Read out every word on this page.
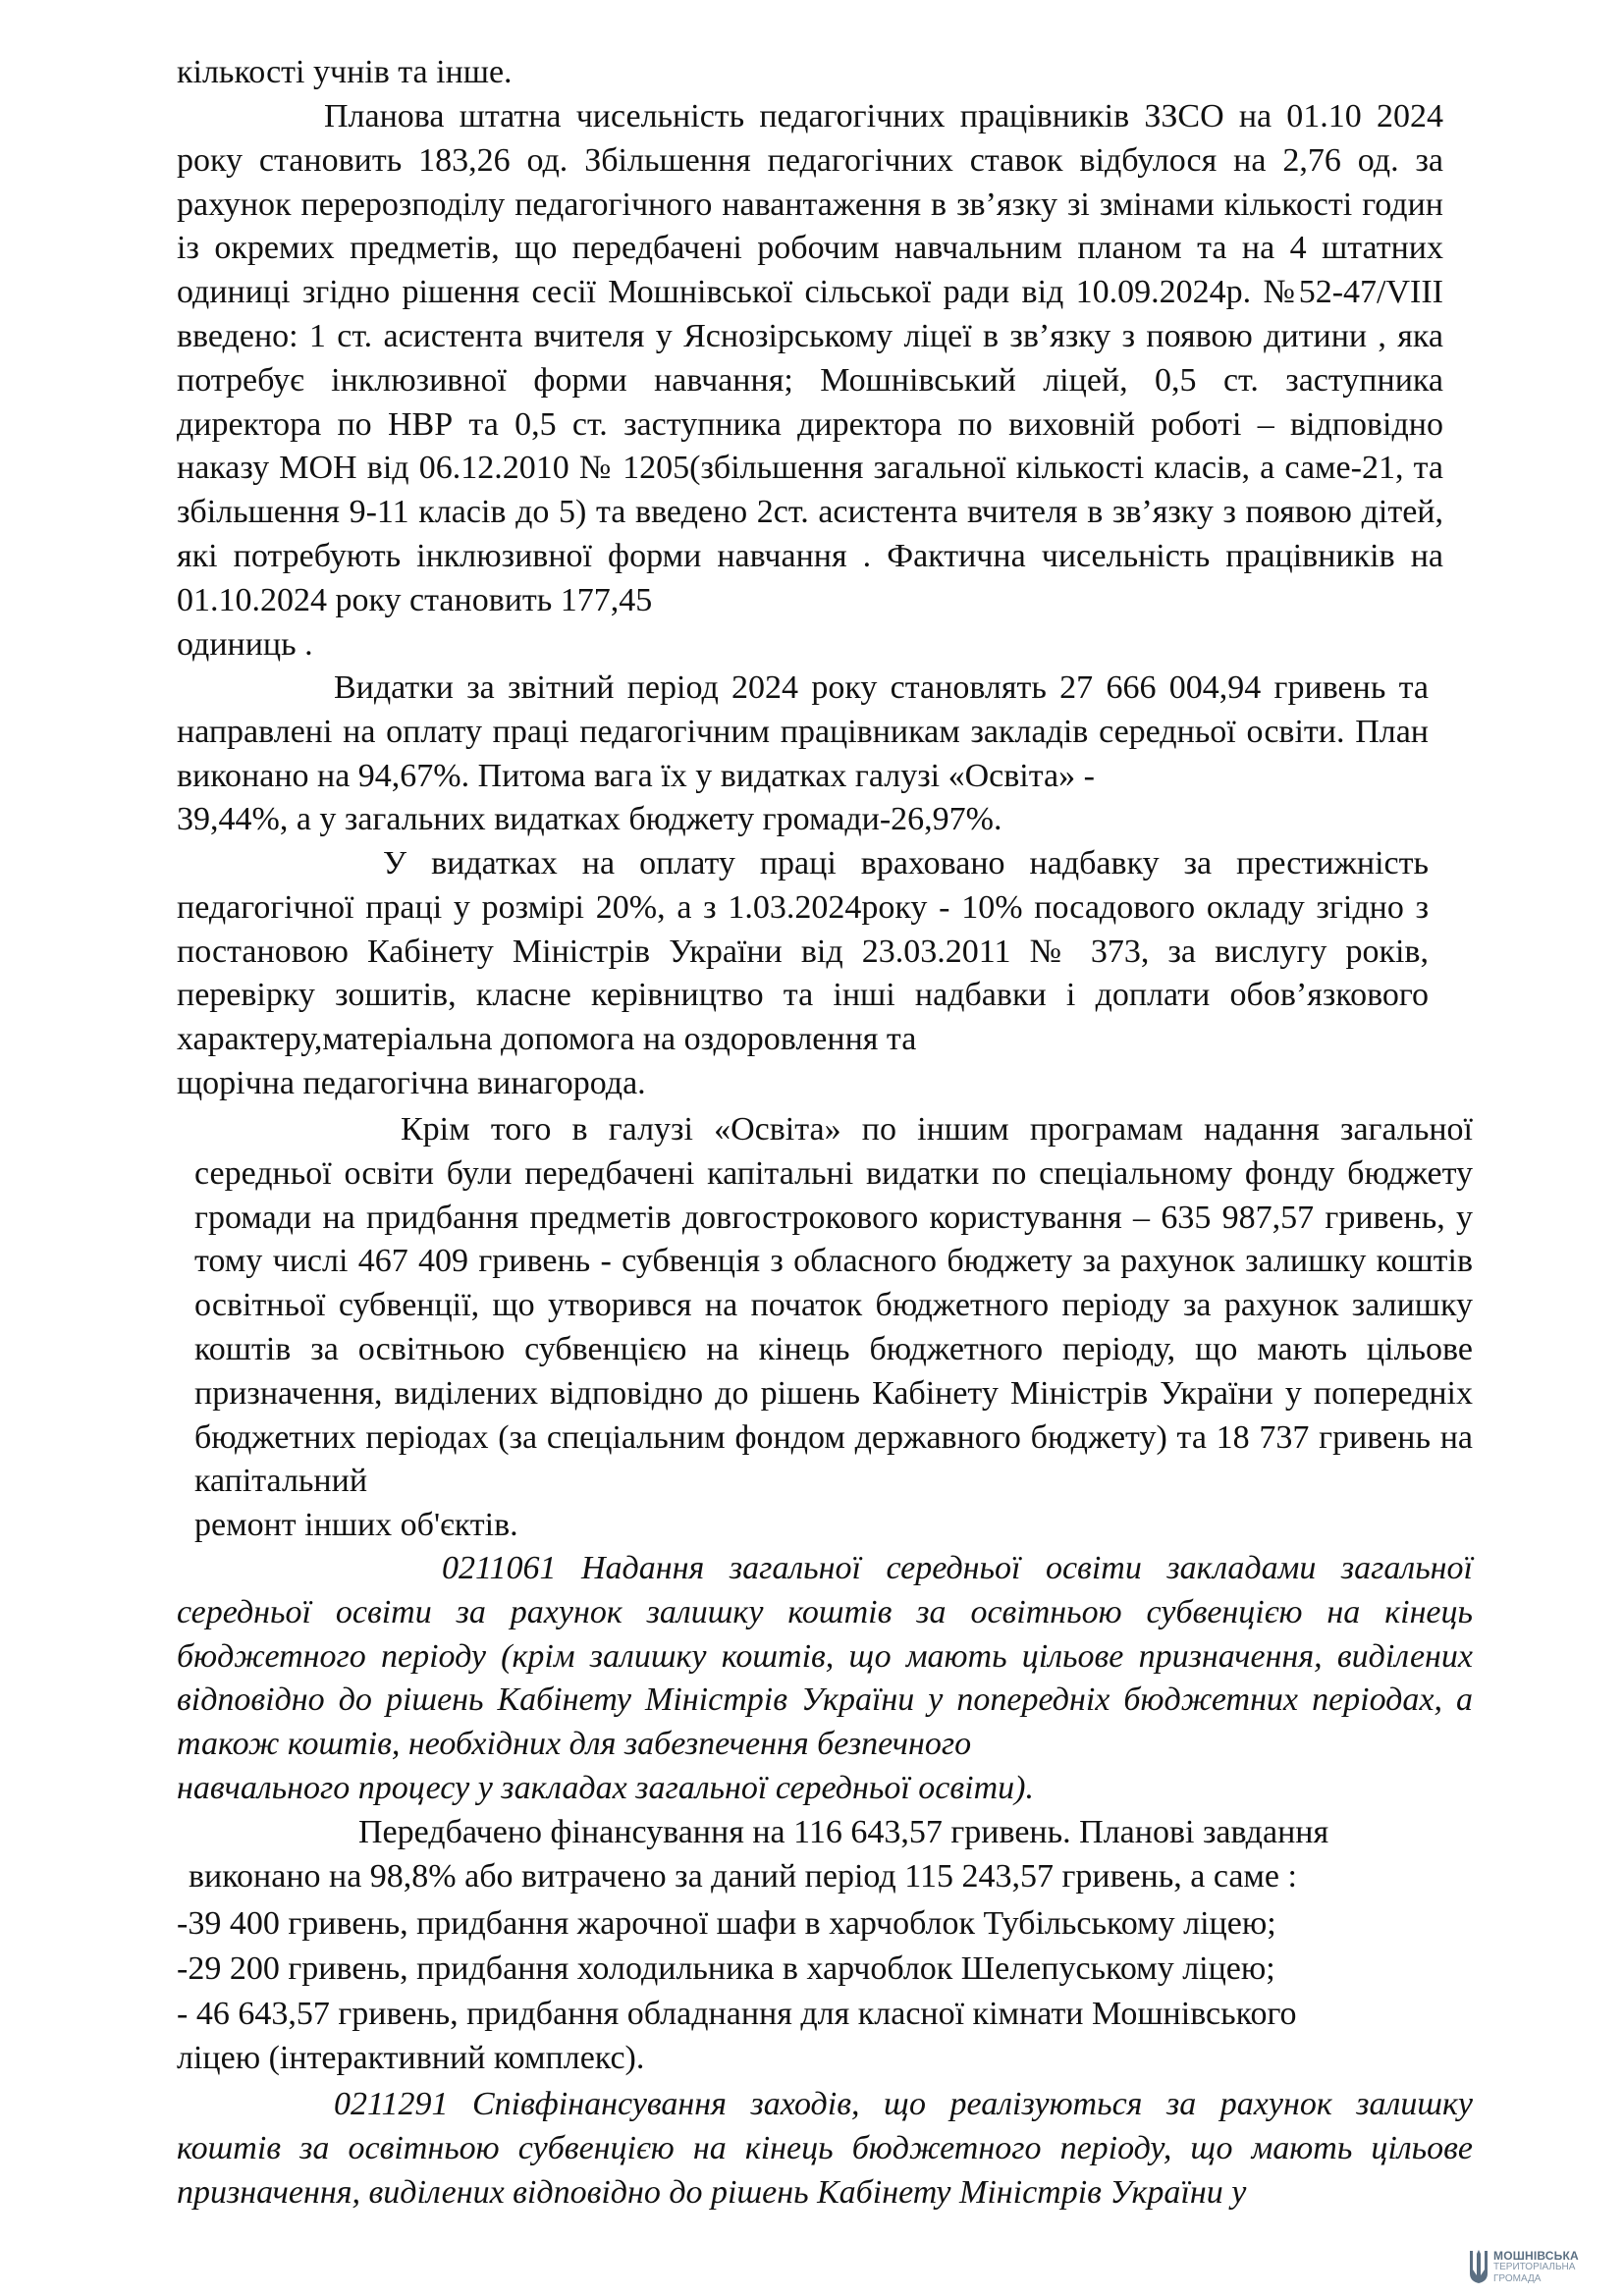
кількості учнів та інше.

Планова штатна чисельність педагогічних працівників ЗЗСО на 01.10 2024 року становить 183,26 од. Збільшення педагогічних ставок відбулося на 2,76 од. за рахунок перерозподілу педагогічного навантаження в зв’язку зі змінами кількості годин із окремих предметів, що передбачені робочим навчальним планом та на 4 штатних одиниці згідно рішення сесії Мошнівської сільської ради від 10.09.2024р. №52-47/VIII введено: 1 ст. асистента вчителя у Яснозірському ліцеї в зв’язку з появою дитини , яка потребує інклюзивної форми навчання; Мошнівський ліцей, 0,5 ст. заступника директора по НВР та 0,5 ст. заступника директора по виховній роботі – відповідно наказу МОН від 06.12.2010 № 1205(збільшення загальної кількості класів, а саме-21, та збільшення 9-11 класів до 5) та введено 2ст. асистента вчителя в зв’язку з появою дітей, які потребують інклюзивної форми навчання . Фактична чисельність працівників на 01.10.2024 року становить 177,45

одиниць .

Видатки за звітний період 2024 року становлять 27 666 004,94 гривень та направлені на оплату праці педагогічним працівникам закладів середньої освіти. План виконано на 94,67%. Питома вага їх у видатках галузі «Освіта» -

39,44%, а у загальних видатках бюджету громади-26,97%.

У видатках на оплату праці враховано надбавку за престижність педагогічної праці у розмірі 20%, а з 1.03.2024року - 10% посадового окладу згідно з постановою Кабінету Міністрів України від 23.03.2011 № 373, за вислугу років, перевірку зошитів, класне керівництво та інші надбавки і доплати обов’язкового характеру,матеріальна допомога на оздоровлення та

щорічна педагогічна винагорода.

Крім того в галузі «Освіта» по іншим програмам надання загальної середньої освіти були передбачені капітальні видатки по спеціальному фонду бюджету громади на придбання предметів довгострокового користування – 635 987,57 гривень, у тому числі 467 409 гривень - субвенція з обласного бюджету за рахунок залишку коштів освітньої субвенції, що утворився на початок бюджетного періоду за рахунок залишку коштів за освітньою субвенцією на кінець бюджетного періоду, що мають цільове призначення, виділених відповідно до рішень Кабінету Міністрів України у попередніх бюджетних періодах (за спеціальним фондом державного бюджету) та 18 737 гривень на капітальний

ремонт інших об'єктів.

0211061 Надання загальної середньої освіти закладами загальної середньої освіти за рахунок залишку коштів за освітньою субвенцією на кінець бюджетного періоду (крім залишку коштів, що мають цільове призначення, виділених відповідно до рішень Кабінету Міністрів України у попередніх бюджетних періодах, а також коштів, необхідних для забезпечення безпечного

навчального процесу у закладах загальної середньої освіти).

Передбачено фінансування на 116 643,57 гривень. Планові завдання

виконано на 98,8% або витрачено за даний період 115 243,57 гривень, а саме :

-39 400 гривень, придбання жарочної шафи в харчоблок Тубільському ліцею;

-29 200 гривень, придбання холодильника в харчоблок Шелепуському ліцею;

- 46 643,57 гривень, придбання обладнання для класної кімнати Мошнівського

ліцею (інтерактивний комплекс).

0211291 Співфінансування заходів, що реалізуються за рахунок залишку коштів за освітньою субвенцією на кінець бюджетного періоду, що мають цільове призначення, виділених відповідно до рішень Кабінету Міністрів України у

МОШНІВСЬКА
ТЕРИТОРІАЛЬНА
ГРОМАДА
